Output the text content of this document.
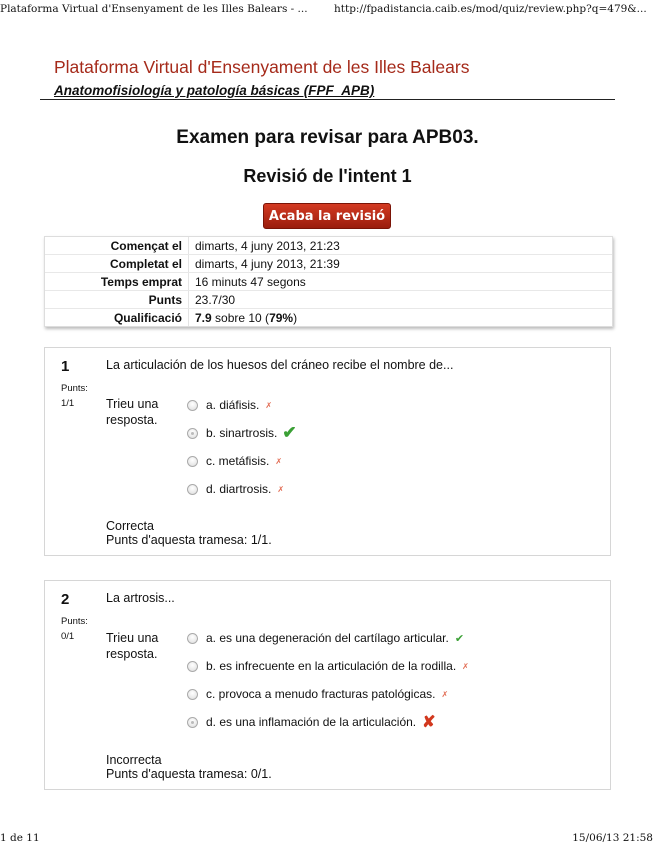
Plataforma Virtual d'Ensenyament de les Illes Balears - ...	http://fpadistancia.caib.es/mod/quiz/review.php?q=479&...
Plataforma Virtual d'Ensenyament de les Illes Balears
Anatomofisiología y patología básicas (FPF_APB)
Examen para revisar para APB03.
Revisió de l'intent 1
Acaba la revisió
Començat el	dimarts, 4 juny 2013, 21:23
Completat el	dimarts, 4 juny 2013, 21:39
Temps emprat	16 minuts 47 segons
Punts	23.7/30
Qualificació	7.9 sobre 10 (79%)
1
Punts:
1/1
La articulación de los huesos del cráneo recibe el nombre de...
Trieu una resposta.
a. diáfisis. ✗
b. sinartrosis. ✔
c. metáfisis. ✗
d. diartrosis. ✗
Correcta
Punts d'aquesta tramesa: 1/1.
2
Punts:
0/1
La artrosis...
Trieu una resposta.
a. es una degeneración del cartílago articular. ✔
b. es infrecuente en la articulación de la rodilla. ✗
c. provoca a menudo fracturas patológicas. ✗
d. es una inflamación de la articulación. ✘
Incorrecta
Punts d'aquesta tramesa: 0/1.
1 de 11	15/06/13 21:58
